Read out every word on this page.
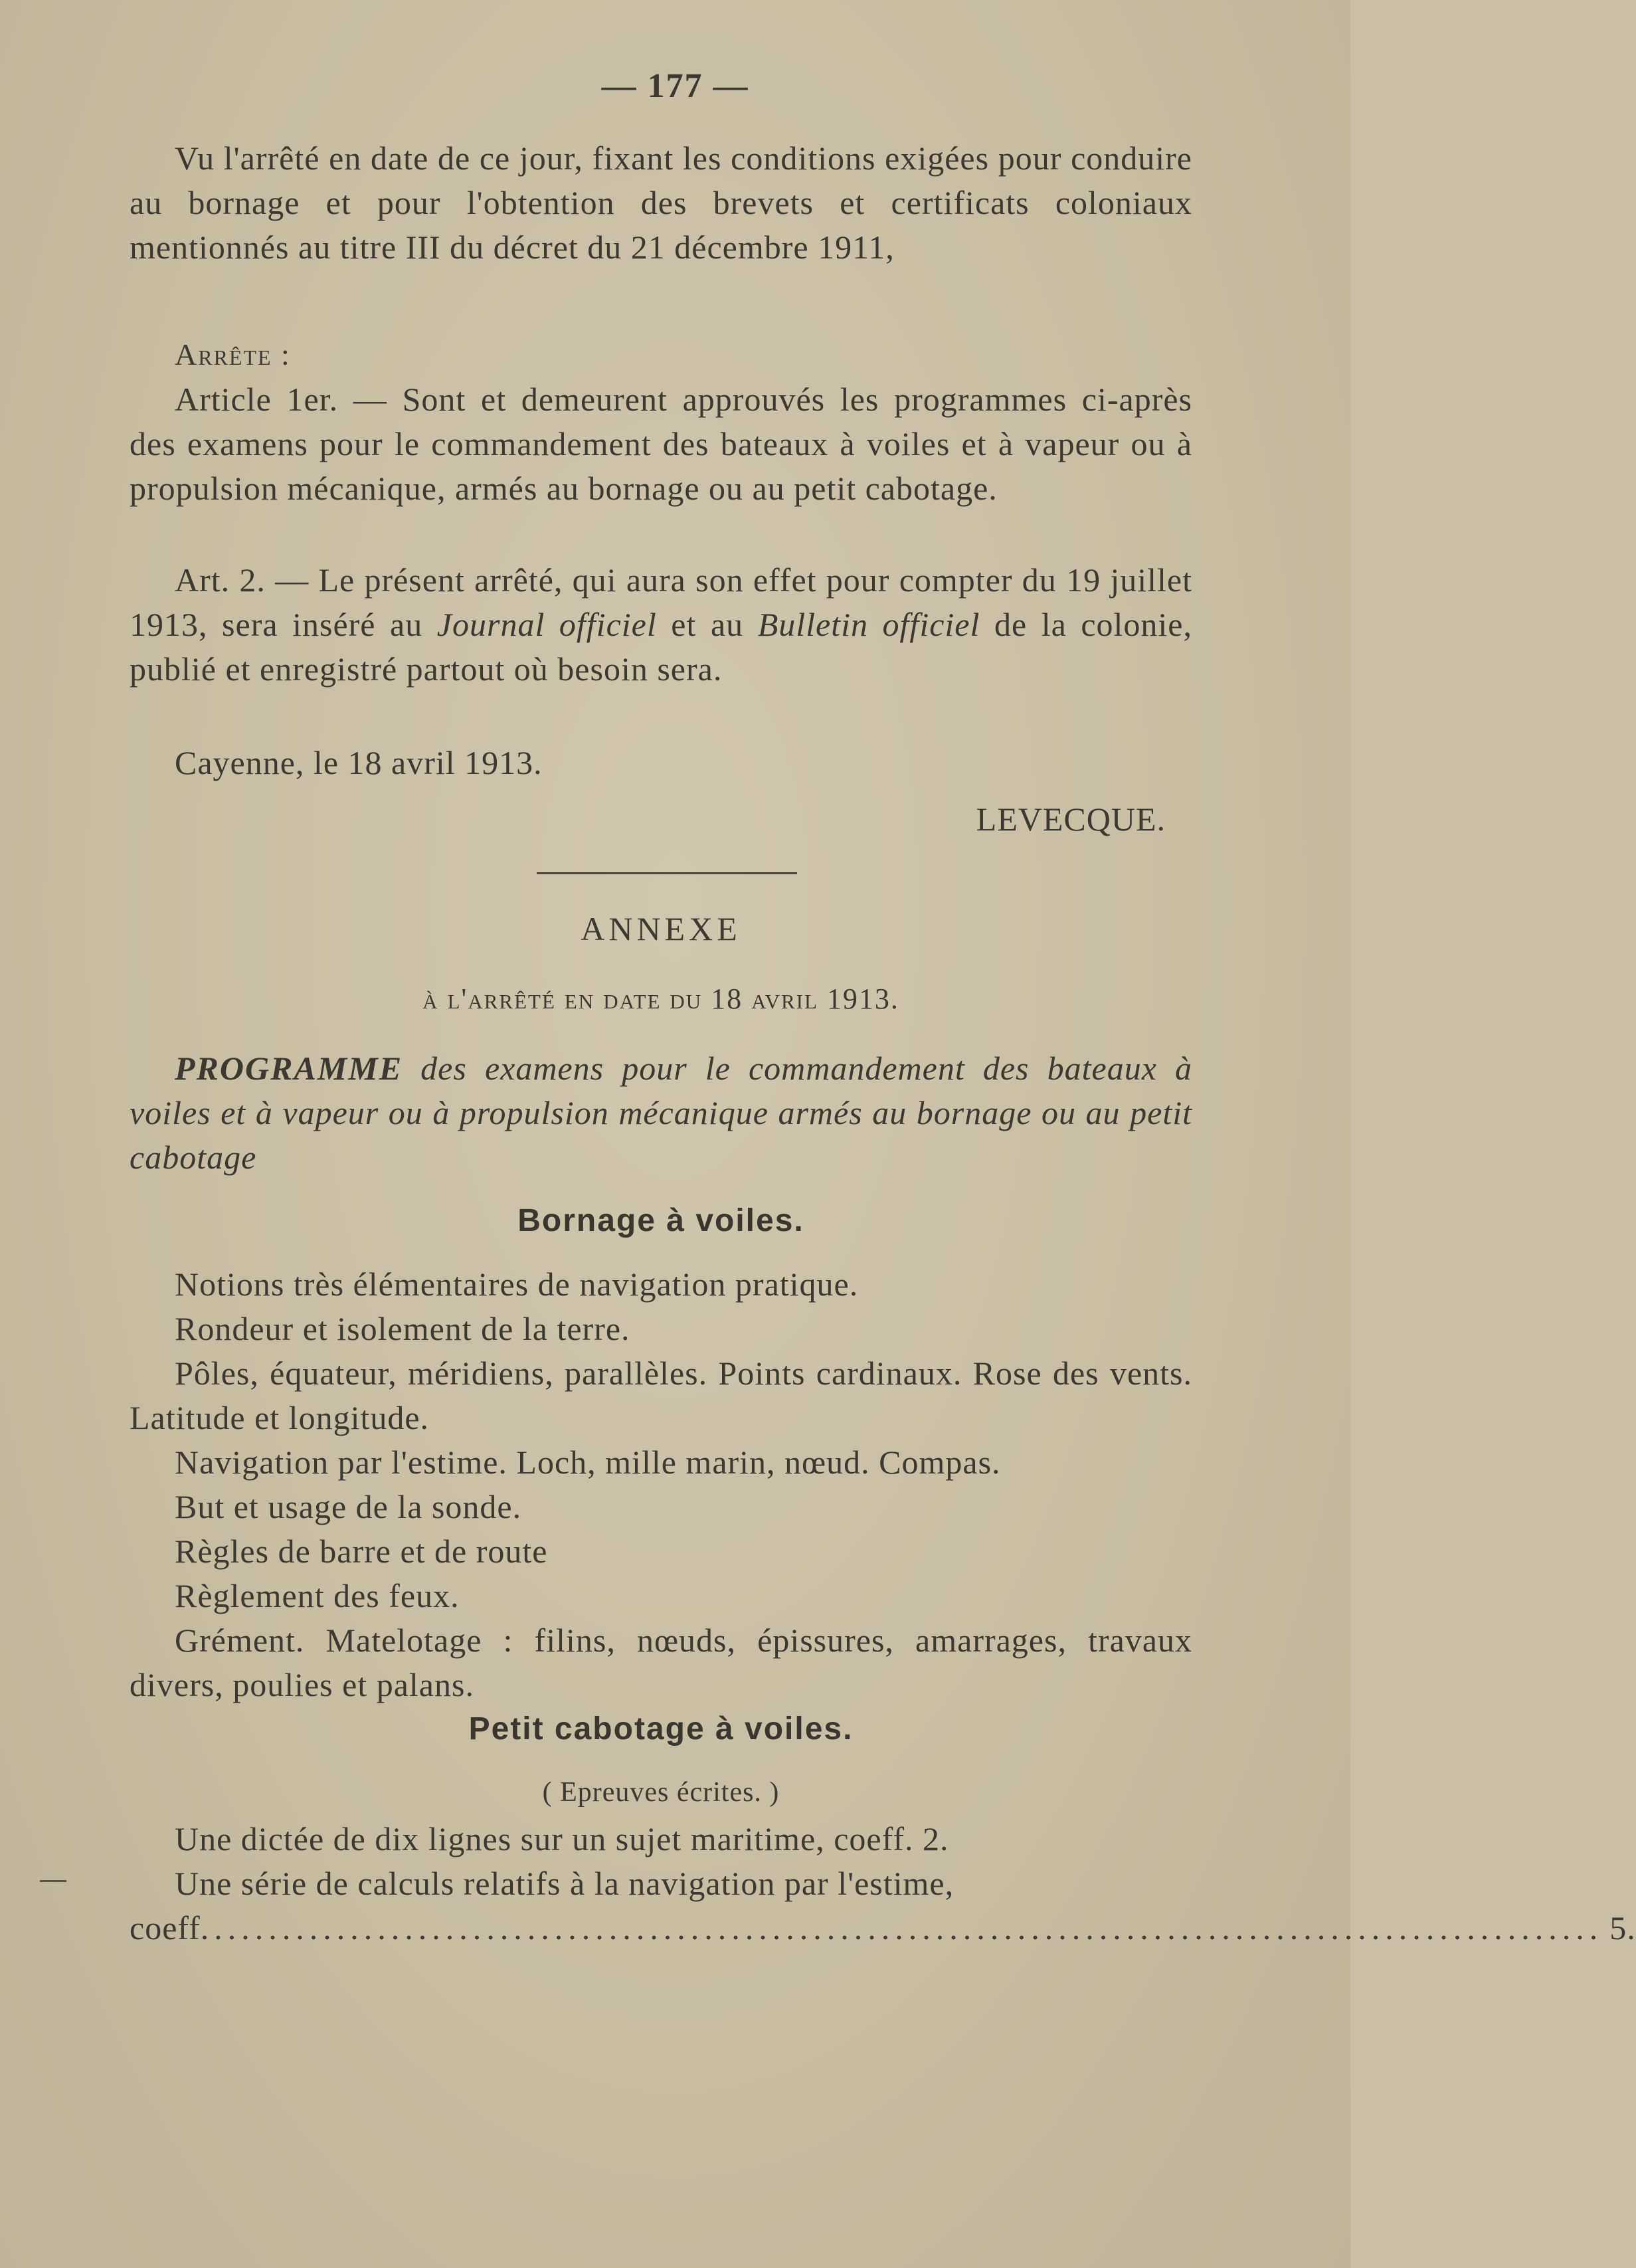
— 177 —

Vu l'arrêté en date de ce jour, fixant les conditions exigées pour conduire au bornage et pour l'obtention des brevets et certificats coloniaux mentionnés au titre III du décret du 21 décembre 1911,

Arrête :

Article 1er. — Sont et demeurent approuvés les programmes ci-après des examens pour le commandement des bateaux à voiles et à vapeur ou à propulsion mécanique, armés au bornage ou au petit cabotage.

Art. 2. — Le présent arrêté, qui aura son effet pour compter du 19 juillet 1913, sera inséré au Journal officiel et au Bulletin officiel de la colonie, publié et enregistré partout où besoin sera.

Cayenne, le 18 avril 1913.

LEVECQUE.

ANNEXE

à l'arrêté en date du 18 avril 1913.

PROGRAMME des examens pour le commandement des bateaux à voiles et à vapeur ou à propulsion mécanique armés au bornage ou au petit cabotage

Bornage à voiles.

Notions très élémentaires de navigation pratique.

Rondeur et isolement de la terre.

Pôles, équateur, méridiens, parallèles. Points cardinaux. Rose des vents. Latitude et longitude.

Navigation par l'estime. Loch, mille marin, nœud. Compas.

But et usage de la sonde.

Règles de barre et de route

Règlement des feux.

Grément. Matelotage : filins, nœuds, épissures, amarrages, travaux divers, poulies et palans.

Petit cabotage à voiles.

( Epreuves écrites. )

Une dictée de dix lignes sur un sujet maritime, coeff. 2.

Une série de calculs relatifs à la navigation par l'estime,

coeff ....................................................................................................... 5.
